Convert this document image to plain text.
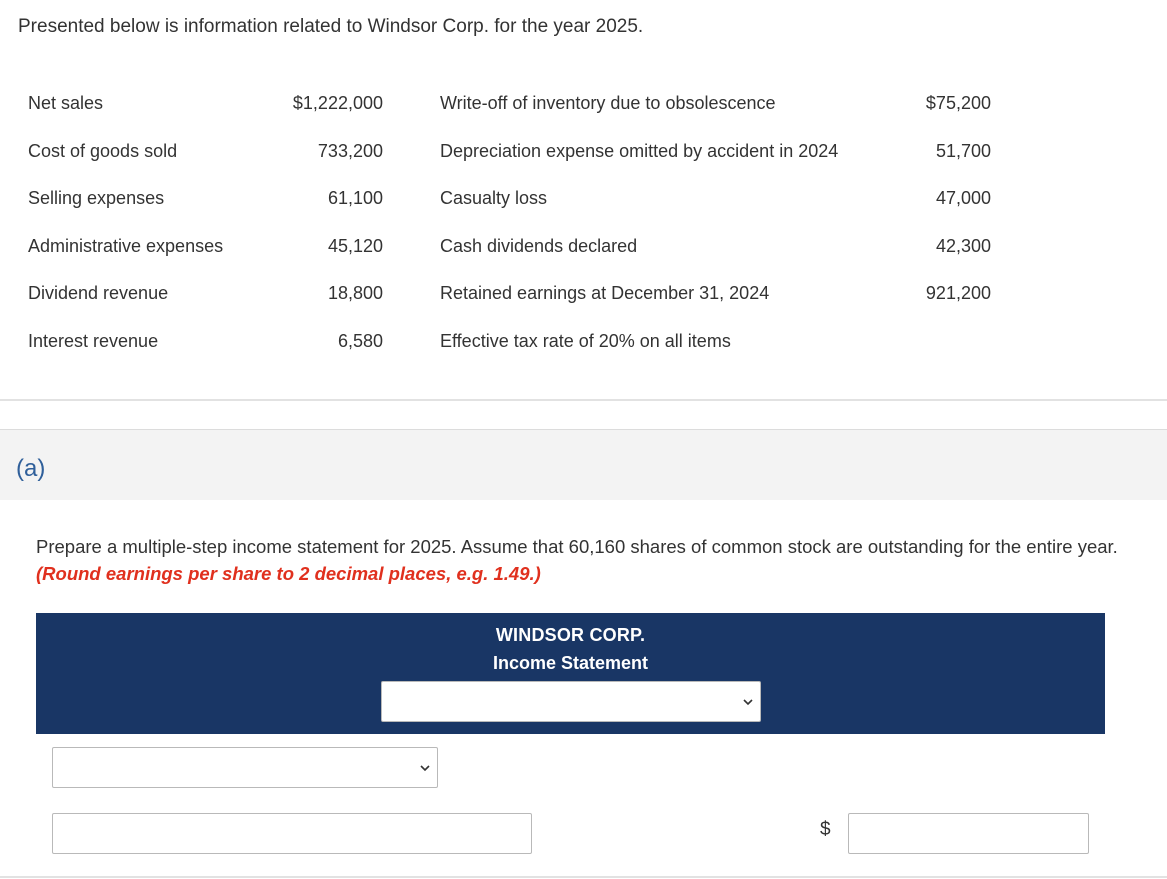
Presented below is information related to Windsor Corp. for the year 2025.
Net sales	$1,222,000		Write-off of inventory due to obsolescence	$75,200
Cost of goods sold	733,200		Depreciation expense omitted by accident in 2024	51,700
Selling expenses	61,100		Casualty loss	47,000
Administrative expenses	45,120		Cash dividends declared	42,300
Dividend revenue	18,800		Retained earnings at December 31, 2024	921,200
Interest revenue	6,580		Effective tax rate of 20% on all items	
(a)
Prepare a multiple-step income statement for 2025. Assume that 60,160 shares of common stock are outstanding for the entire year. (Round earnings per share to 2 decimal places, e.g. 1.49.)
WINDSOR CORP.
Income Statement
$
